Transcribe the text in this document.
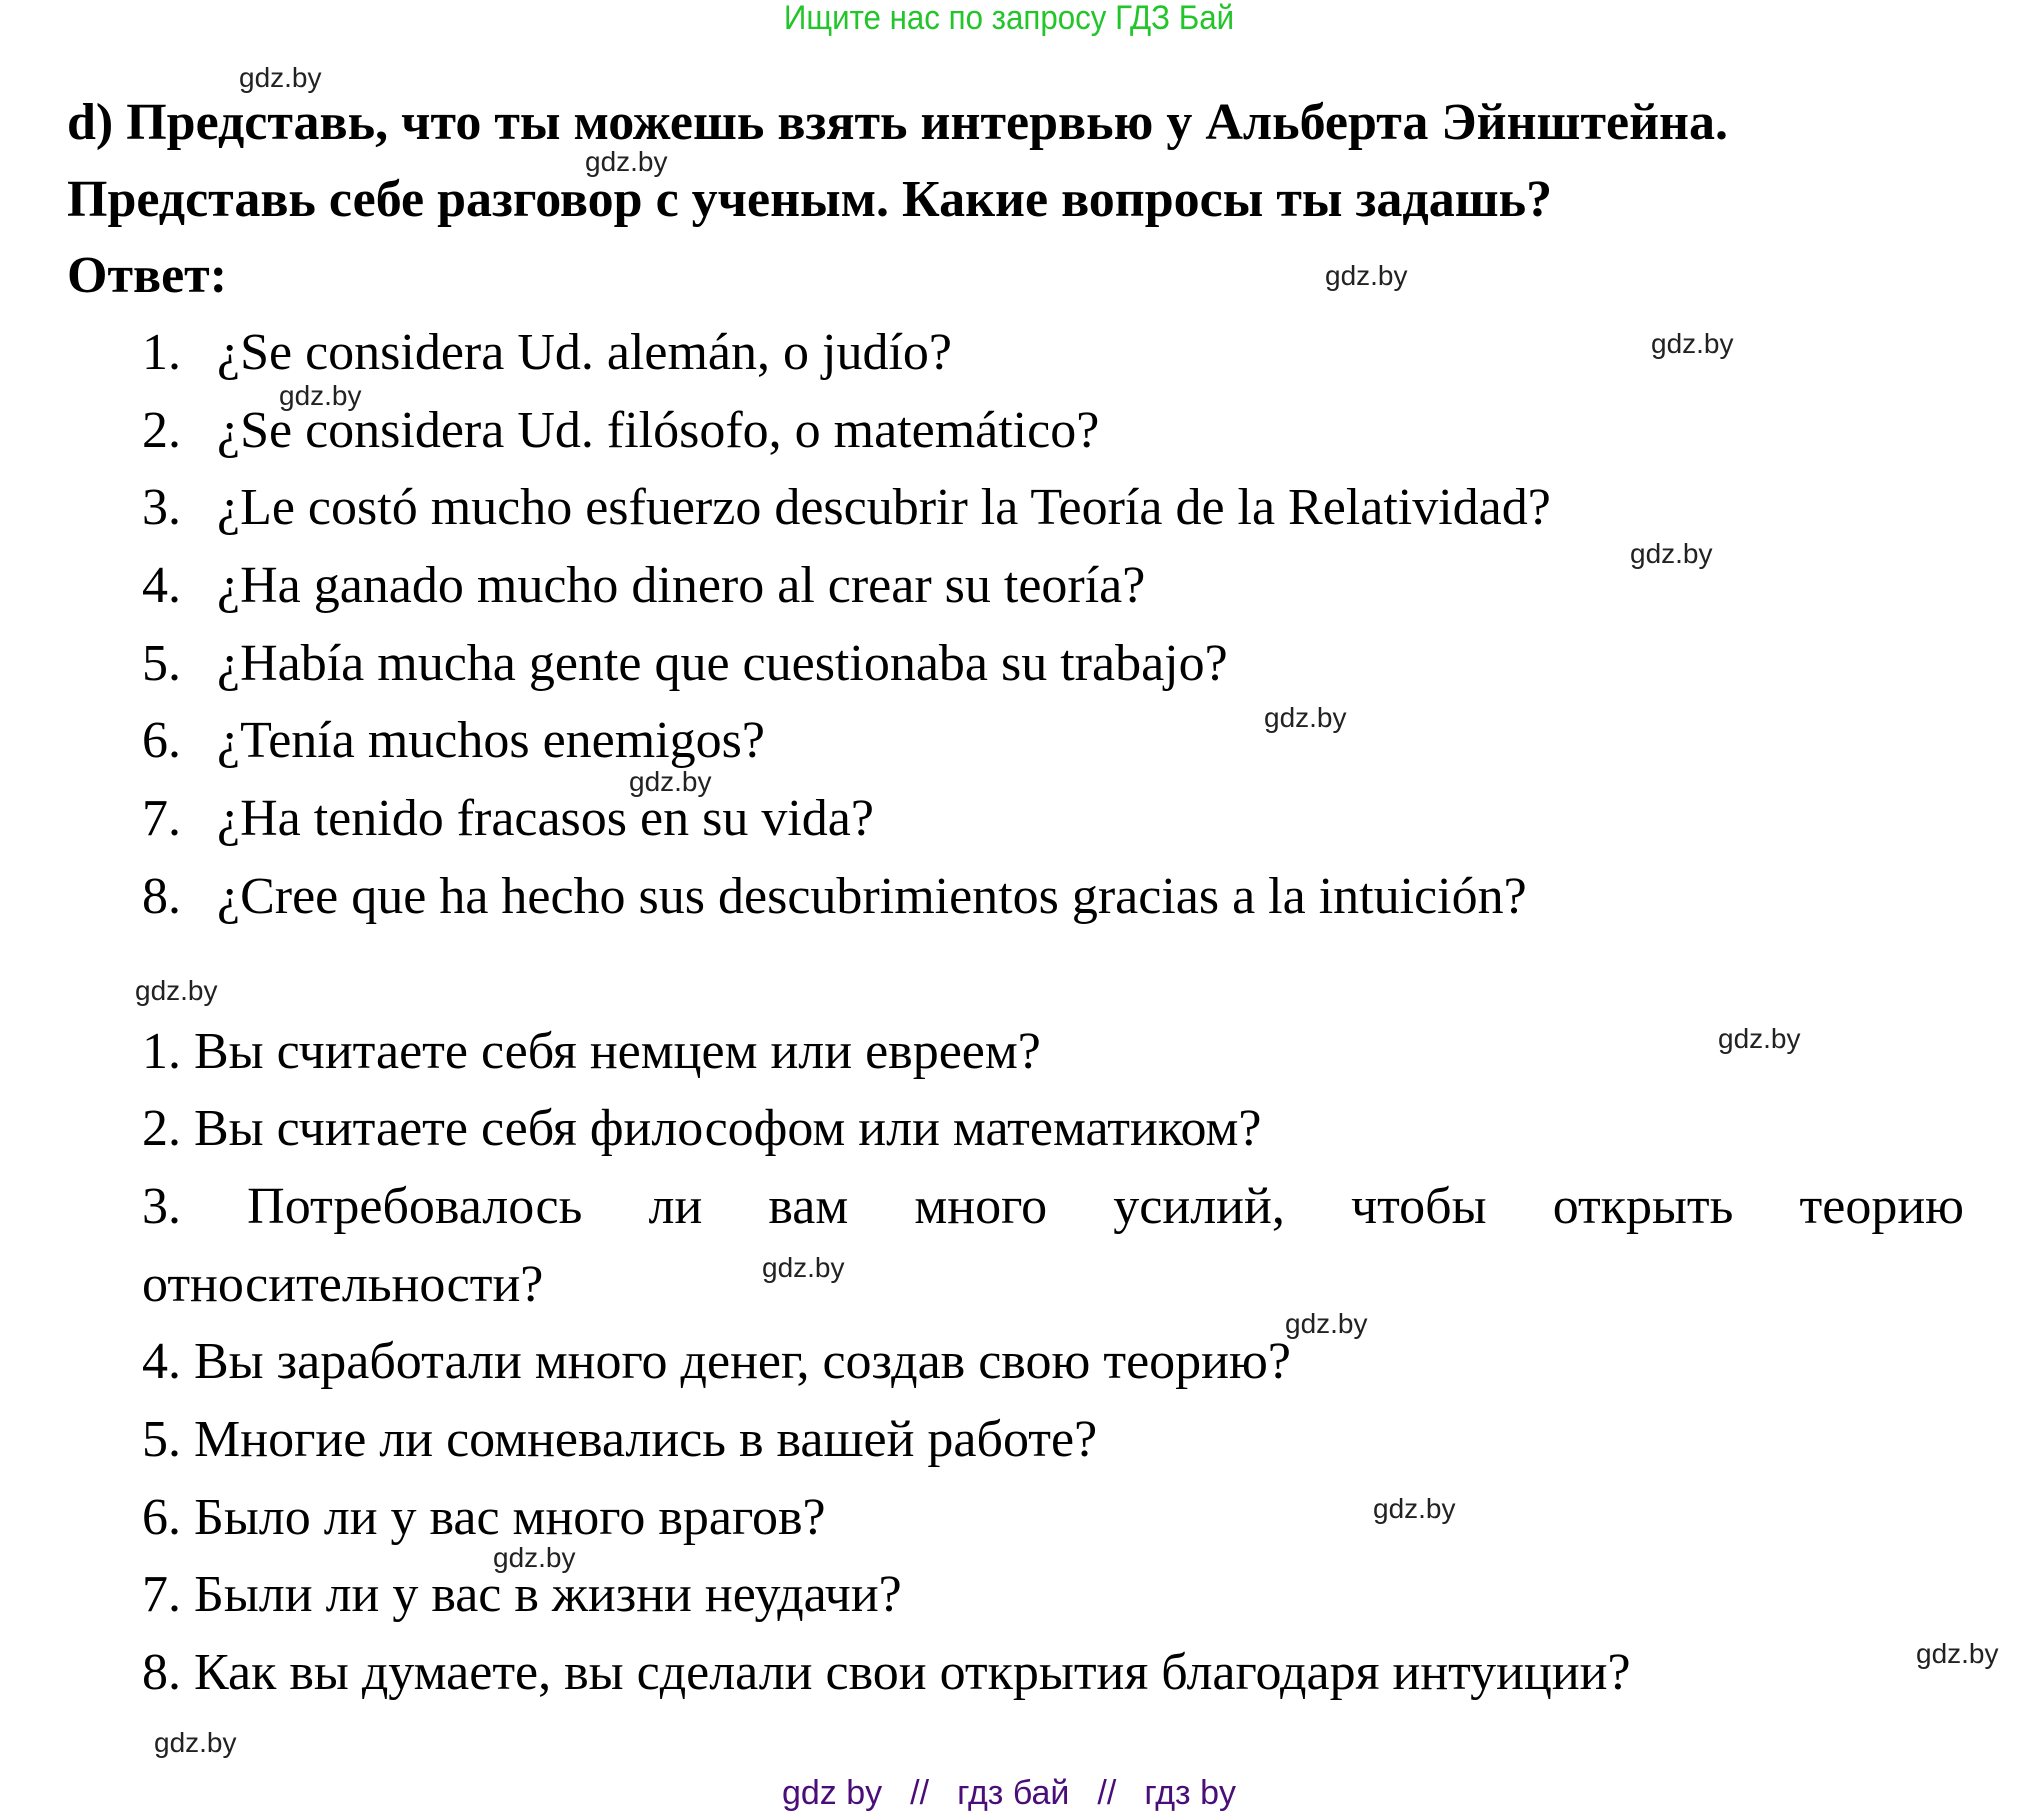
Ищите нас по запросу ГДЗ Бай
d) Представь, что ты можешь взять интервью у Альберта Эйнштейна.
Представь себе разговор с ученым. Какие вопросы ты задашь?
Ответ:
1. ¿Se considera Ud. alemán, o judío?
2. ¿Se considera Ud. filósofo, o matemático?
3. ¿Le costó mucho esfuerzo descubrir la Teoría de la Relatividad?
4. ¿Ha ganado mucho dinero al crear su teoría?
5. ¿Había mucha gente que cuestionaba su trabajo?
6. ¿Tenía muchos enemigos?
7. ¿Ha tenido fracasos en su vida?
8. ¿Cree que ha hecho sus descubrimientos gracias a la intuición?
1. Вы считаете себя немцем или евреем?
2. Вы считаете себя философом или математиком?
3. Потребовалось ли вам много усилий, чтобы открыть теорию
относительности?
4. Вы заработали много денег, создав свою теорию?
5. Многие ли сомневались в вашей работе?
6. Было ли у вас много врагов?
7. Были ли у вас в жизни неудачи?
8. Как вы думаете, вы сделали свои открытия благодаря интуиции?
gdz.by
gdz.by
gdz.by
gdz.by
gdz.by
gdz.by
gdz.by
gdz.by
gdz.by
gdz.by
gdz.by
gdz.by
gdz.by
gdz.by
gdz.by
gdz.by
gdz by // гдз бай // гдз by
